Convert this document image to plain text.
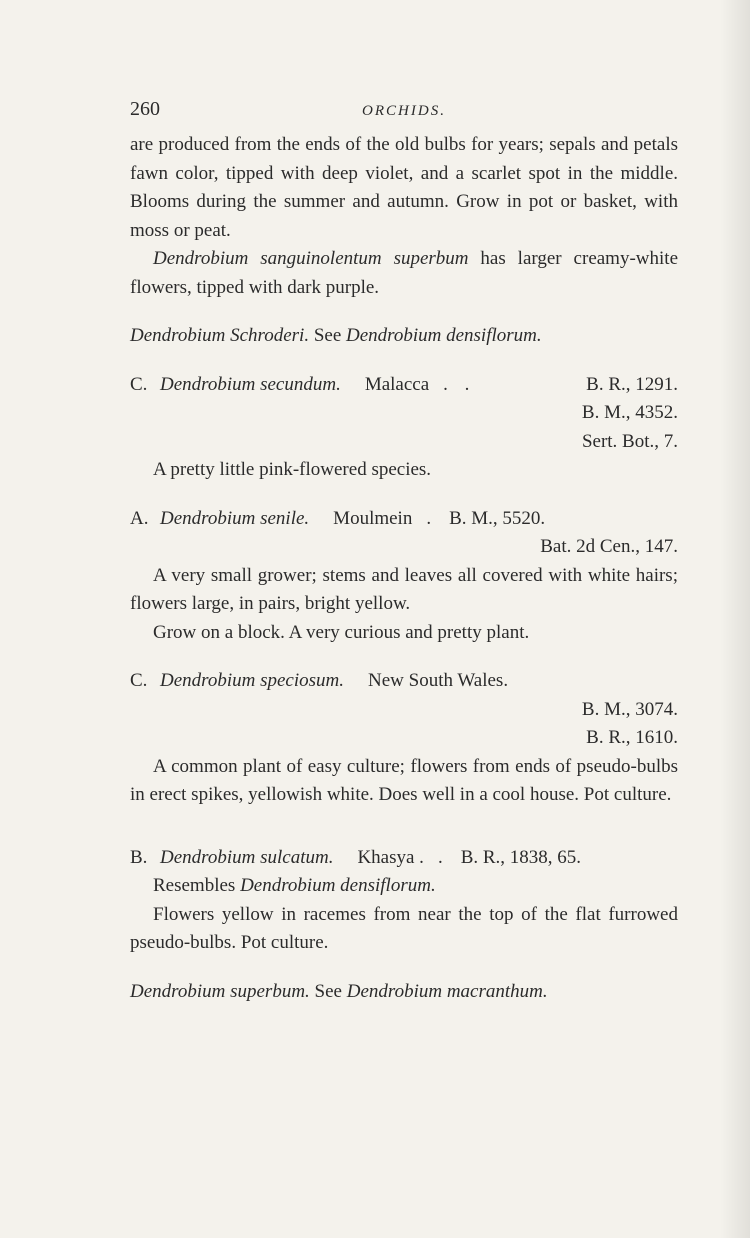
260	ORCHIDS.

are produced from the ends of the old bulbs for years; sepals and petals fawn color, tipped with deep violet, and a scarlet spot in the middle. Blooms during the summer and autumn. Grow in pot or basket, with moss or peat.

Dendrobium sanguinolentum superbum has larger creamy-white flowers, tipped with dark purple.

Dendrobium Schroderi. See Dendrobium densiflorum.

C. Dendrobium secundum. Malacca . .	B. R., 1291.

B. M., 4352.

Sert. Bot., 7.

A pretty little pink-flowered species.

A. Dendrobium senile. Moulmein . B. M., 5520.

Bat. 2d Cen., 147.

A very small grower; stems and leaves all covered with white hairs; flowers large, in pairs, bright yellow.

Grow on a block. A very curious and pretty plant.

C. Dendrobium speciosum. New South Wales.

B. M., 3074.

B. R., 1610.

A common plant of easy culture; flowers from ends of pseudo-bulbs in erect spikes, yellowish white. Does well in a cool house. Pot culture.

B. Dendrobium sulcatum. Khasya . . B. R., 1838, 65.

Resembles Dendrobium densiflorum.

Flowers yellow in racemes from near the top of the flat furrowed pseudo-bulbs. Pot culture.

Dendrobium superbum. See Dendrobium macranthum.
